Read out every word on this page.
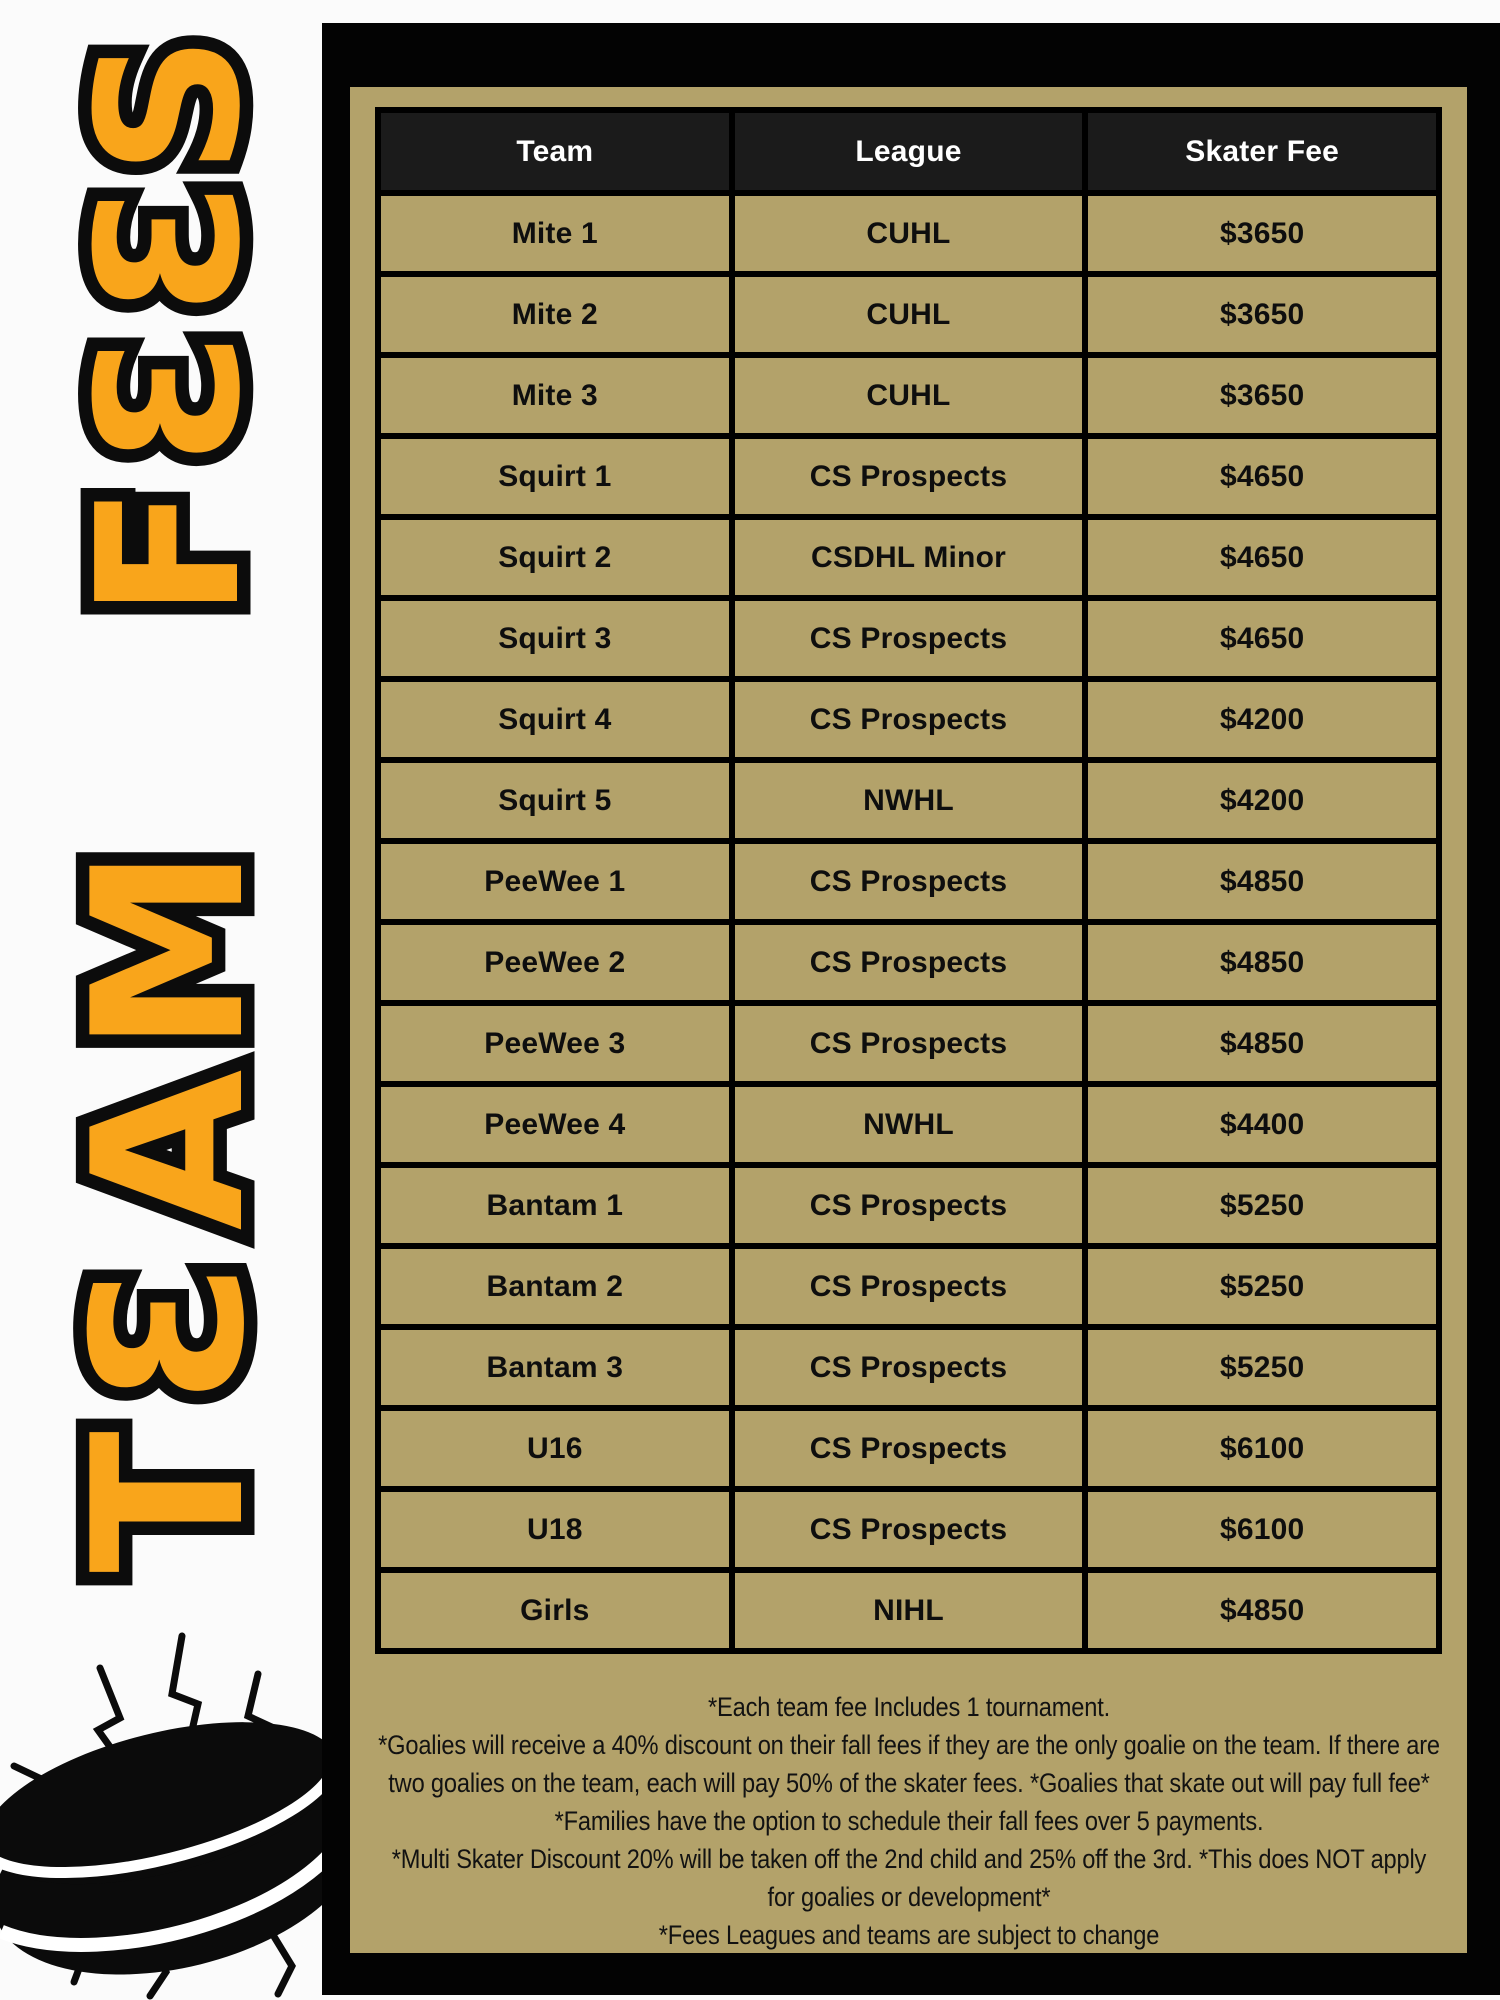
S
3
3
F
M
A
3
T
Team	League	Skater Fee
Mite 1	CUHL	$3650
Mite 2	CUHL	$3650
Mite 3	CUHL	$3650
Squirt 1	CS Prospects	$4650
Squirt 2	CSDHL Minor	$4650
Squirt 3	CS Prospects	$4650
Squirt 4	CS Prospects	$4200
Squirt 5	NWHL	$4200
PeeWee 1	CS Prospects	$4850
PeeWee 2	CS Prospects	$4850
PeeWee 3	CS Prospects	$4850
PeeWee 4	NWHL	$4400
Bantam 1	CS Prospects	$5250
Bantam 2	CS Prospects	$5250
Bantam 3	CS Prospects	$5250
U16	CS Prospects	$6100
U18	CS Prospects	$6100
Girls	NIHL	$4850

*Each team fee Includes 1 tournament.

*Goalies will receive a 40% discount on their fall fees if they are the only goalie on the team. If there are two goalies on the team, each will pay 50% of the skater fees. *Goalies that skate out will pay full fee*

*Families have the option to schedule their fall fees over 5 payments.

*Multi Skater Discount 20% will be taken off the 2nd child and 25% off the 3rd. *This does NOT apply for goalies or development*

*Fees Leagues and teams are subject to change
